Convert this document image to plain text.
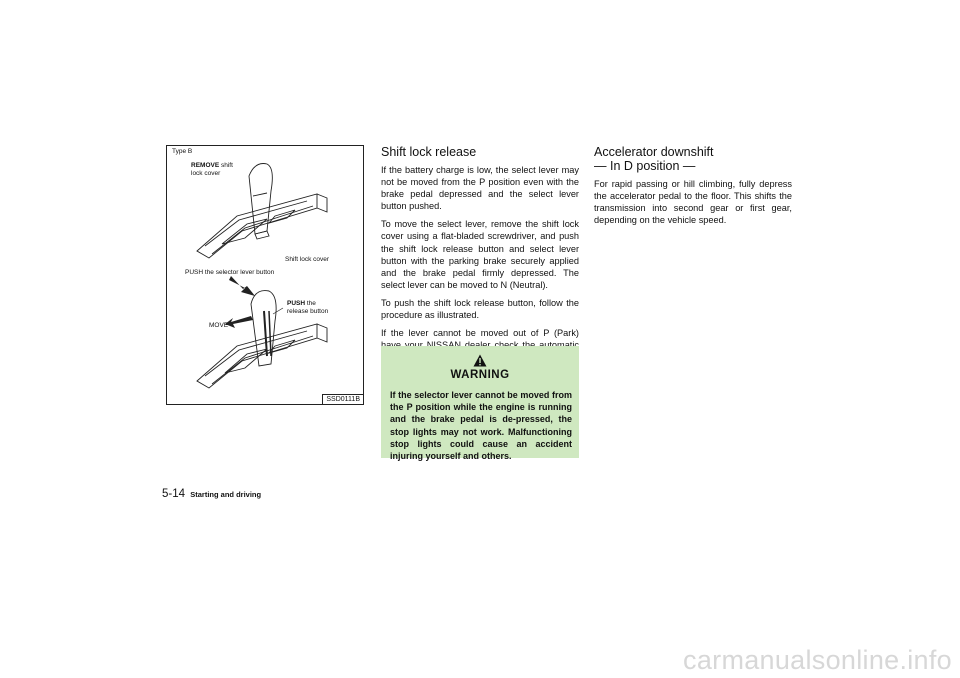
Type B
REMOVE shift lock cover
Shift lock cover
PUSH the selector lever button
PUSH the release button
MOVE
SSD0111B
Shift lock release

If the battery charge is low, the select lever may not be moved from the P position even with the brake pedal depressed and the select lever button pushed.

To move the select lever, remove the shift lock cover using a flat-bladed screwdriver, and push the shift lock release button and select lever button with the parking brake securely applied and the brake pedal firmly depressed. The select lever can be moved to N (Neutral).

To push the shift lock release button, follow the procedure as illustrated.

If the lever cannot be moved out of P (Park)

WARNING
If the selector lever cannot be moved from the P position while the engine is running and the brake pedal is de-pressed, the stop lights may not work. Malfunctioning stop lights could cause an accident injuring yourself and others.
Accelerator downshift
— In D position —

For rapid passing or hill climbing, fully depress the accelerator pedal to the floor. This shifts the transmission into second gear or first gear, depending on the vehicle speed.

5-14 Starting and driving
carmanualsonline.info
